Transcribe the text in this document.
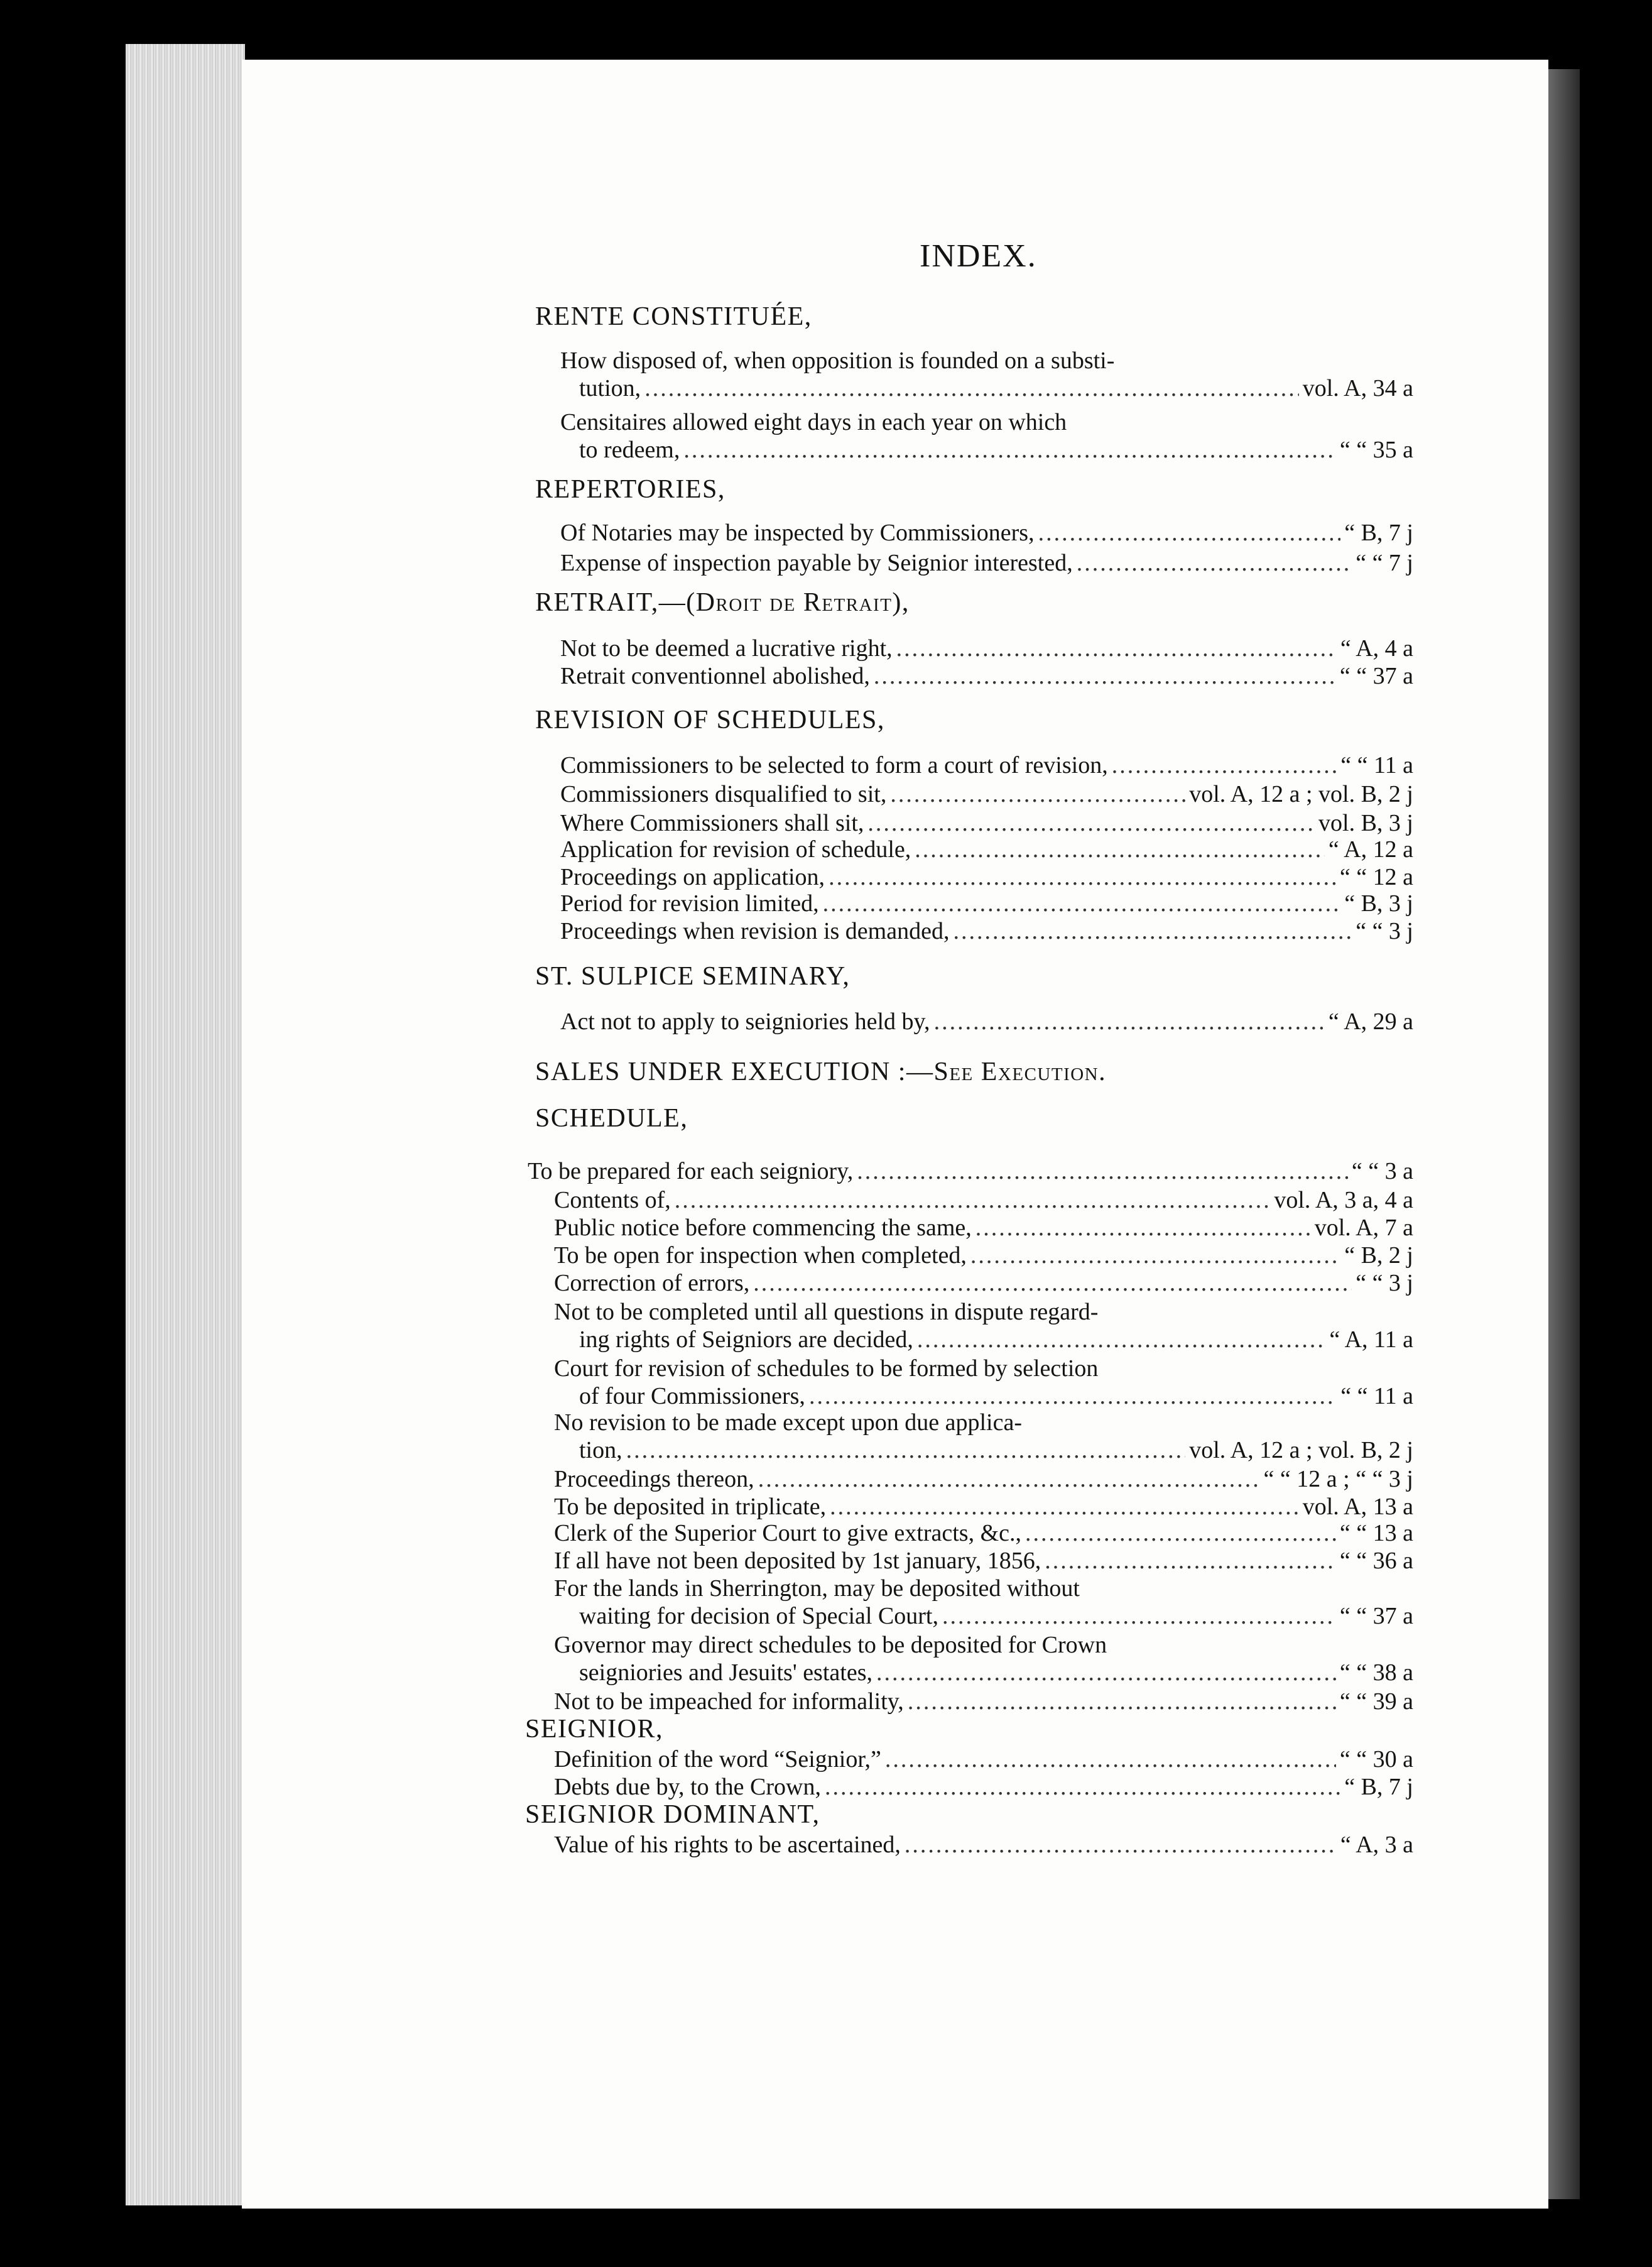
INDEX.
RENTE CONSTITUÉE,
How disposed of, when opposition is founded on a substi-
tution, .....	vol. A, 34 a
Censitaires allowed eight days in each year on which
to redeem, .....	“ “ 35 a
REPERTORIES,
Of Notaries may be inspected by Commissioners, .....	“ B, 7 j
Expense of inspection payable by Seignior interested, .....	“ “ 7 j
RETRAIT,—(Droit de Retrait),
Not to be deemed a lucrative right, .....	“ A, 4 a
Retrait conventionnel abolished, .....	“ “ 37 a
REVISION OF SCHEDULES,
Commissioners to be selected to form a court of revision, .....	“ “ 11 a
Commissioners disqualified to sit, .....	vol. A, 12 a ; vol. B, 2 j
Where Commissioners shall sit, .....	vol. B, 3 j
Application for revision of schedule, .....	“ A, 12 a
Proceedings on application, .....	“ “ 12 a
Period for revision limited, .....	“ B, 3 j
Proceedings when revision is demanded, .....	“ “ 3 j
ST. SULPICE SEMINARY,
Act not to apply to seigniories held by, .....	“ A, 29 a
SALES UNDER EXECUTION :—See Execution.
SCHEDULE,
To be prepared for each seigniory, .....	“ “ 3 a
Contents of, .....	vol. A, 3 a, 4 a
Public notice before commencing the same, .....	vol. A, 7 a
To be open for inspection when completed, .....	“ B, 2 j
Correction of errors, .....	“ “ 3 j
Not to be completed until all questions in dispute regard-
ing rights of Seigniors are decided, .....	“ A, 11 a
Court for revision of schedules to be formed by selection
of four Commissioners, .....	“ “ 11 a
No revision to be made except upon due applica-
tion, .....	vol. A, 12 a ; vol. B, 2 j
Proceedings thereon, .....	“ “ 12 a ; “ “ 3 j
To be deposited in triplicate, .....	vol. A, 13 a
Clerk of the Superior Court to give extracts, &c., .....	“ “ 13 a
If all have not been deposited by 1st january, 1856, .....	“ “ 36 a
For the lands in Sherrington, may be deposited without
waiting for decision of Special Court, .....	“ “ 37 a
Governor may direct schedules to be deposited for Crown
seigniories and Jesuits' estates, .....	“ “ 38 a
Not to be impeached for informality, .....	“ “ 39 a
SEIGNIOR,
Definition of the word “Seignior,” .....	“ “ 30 a
Debts due by, to the Crown, .....	“ B, 7 j
SEIGNIOR DOMINANT,
Value of his rights to be ascertained, .....	“ A, 3 a
